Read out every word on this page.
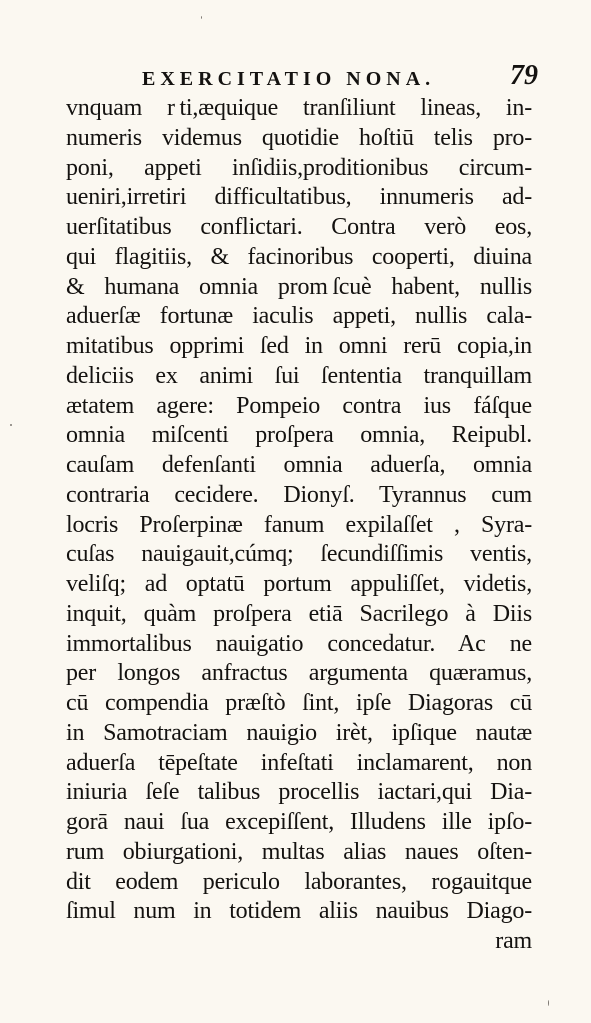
EXERCITATIO NONA.	79
vnquam r ti,æquique tranſiliunt lineas, in-
numeris videmus quotidie hoſtiū telis pro-
poni, appeti inſidiis,proditionibus circum-
ueniri,irretiri difficultatibus, innumeris ad-
uerſitatibus conflictari. Contra verò eos,
qui flagitiis, & facinoribus cooperti, diuina
& humana omnia prom ſcuè habent, nullis
aduerſæ fortunæ iaculis appeti, nullis cala-
mitatibus opprimi ſed in omni rerū copia,in
deliciis ex animi ſui ſententia tranquillam
ætatem agere: Pompeio contra ius fáſque
omnia miſcenti proſpera omnia, Reipubl.
cauſam defenſanti omnia aduerſa, omnia
contraria cecidere. Dionyſ. Tyrannus cum
locris Proſerpinæ fanum expilaſſet , Syra-
cuſas nauigauit,cúmq; ſecundiſſimis ventis,
veliſq; ad optatū portum appuliſſet, videtis,
inquit, quàm proſpera etiā Sacrilego à Diis
immortalibus nauigatio concedatur. Ac ne
per longos anfractus argumenta quæramus,
cū compendia præſtò ſint, ipſe Diagoras cū
in Samotraciam nauigio irèt, ipſique nautæ
aduerſa tēpeſtate infeſtati inclamarent, non
iniuria ſeſe talibus procellis iactari,qui Dia-
gorā naui ſua excepiſſent, Illudens ille ipſo-
rum obiurgationi, multas alias naues oſten-
dit eodem periculo laborantes, rogauitque
ſimul num in totidem aliis nauibus Diago-
ram
